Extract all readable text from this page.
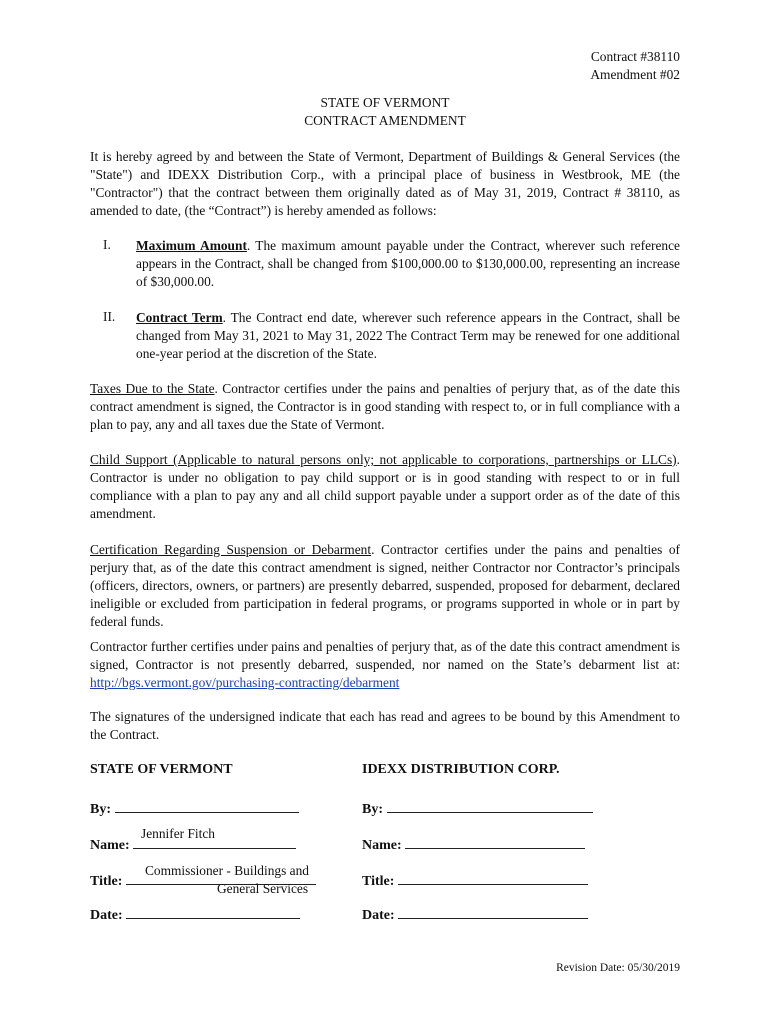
Contract #38110
Amendment #02
STATE OF VERMONT
CONTRACT AMENDMENT
It is hereby agreed by and between the State of Vermont, Department of Buildings & General Services (the "State") and IDEXX Distribution Corp., with a principal place of business in Westbrook, ME (the "Contractor") that the contract between them originally dated as of May 31, 2019, Contract # 38110, as amended to date, (the “Contract”) is hereby amended as follows:
I. Maximum Amount. The maximum amount payable under the Contract, wherever such reference appears in the Contract, shall be changed from $100,000.00 to $130,000.00, representing an increase of $30,000.00.
II. Contract Term. The Contract end date, wherever such reference appears in the Contract, shall be changed from May 31, 2021 to May 31, 2022 The Contract Term may be renewed for one additional one-year period at the discretion of the State.
Taxes Due to the State. Contractor certifies under the pains and penalties of perjury that, as of the date this contract amendment is signed, the Contractor is in good standing with respect to, or in full compliance with a plan to pay, any and all taxes due the State of Vermont.
Child Support (Applicable to natural persons only; not applicable to corporations, partnerships or LLCs). Contractor is under no obligation to pay child support or is in good standing with respect to or in full compliance with a plan to pay any and all child support payable under a support order as of the date of this amendment.
Certification Regarding Suspension or Debarment. Contractor certifies under the pains and penalties of perjury that, as of the date this contract amendment is signed, neither Contractor nor Contractor’s principals (officers, directors, owners, or partners) are presently debarred, suspended, proposed for debarment, declared ineligible or excluded from participation in federal programs, or programs supported in whole or in part by federal funds.
Contractor further certifies under pains and penalties of perjury that, as of the date this contract amendment is signed, Contractor is not presently debarred, suspended, nor named on the State’s debarment list at: http://bgs.vermont.gov/purchasing-contracting/debarment
The signatures of the undersigned indicate that each has read and agrees to be bound by this Amendment to the Contract.
STATE OF VERMONT
By:
Name:
Jennifer Fitch
Title:
Commissioner - Buildings and
General Services
Date:
IDEXX DISTRIBUTION CORP.
By:
Name:
Title:
Date:
Revision Date: 05/30/2019
